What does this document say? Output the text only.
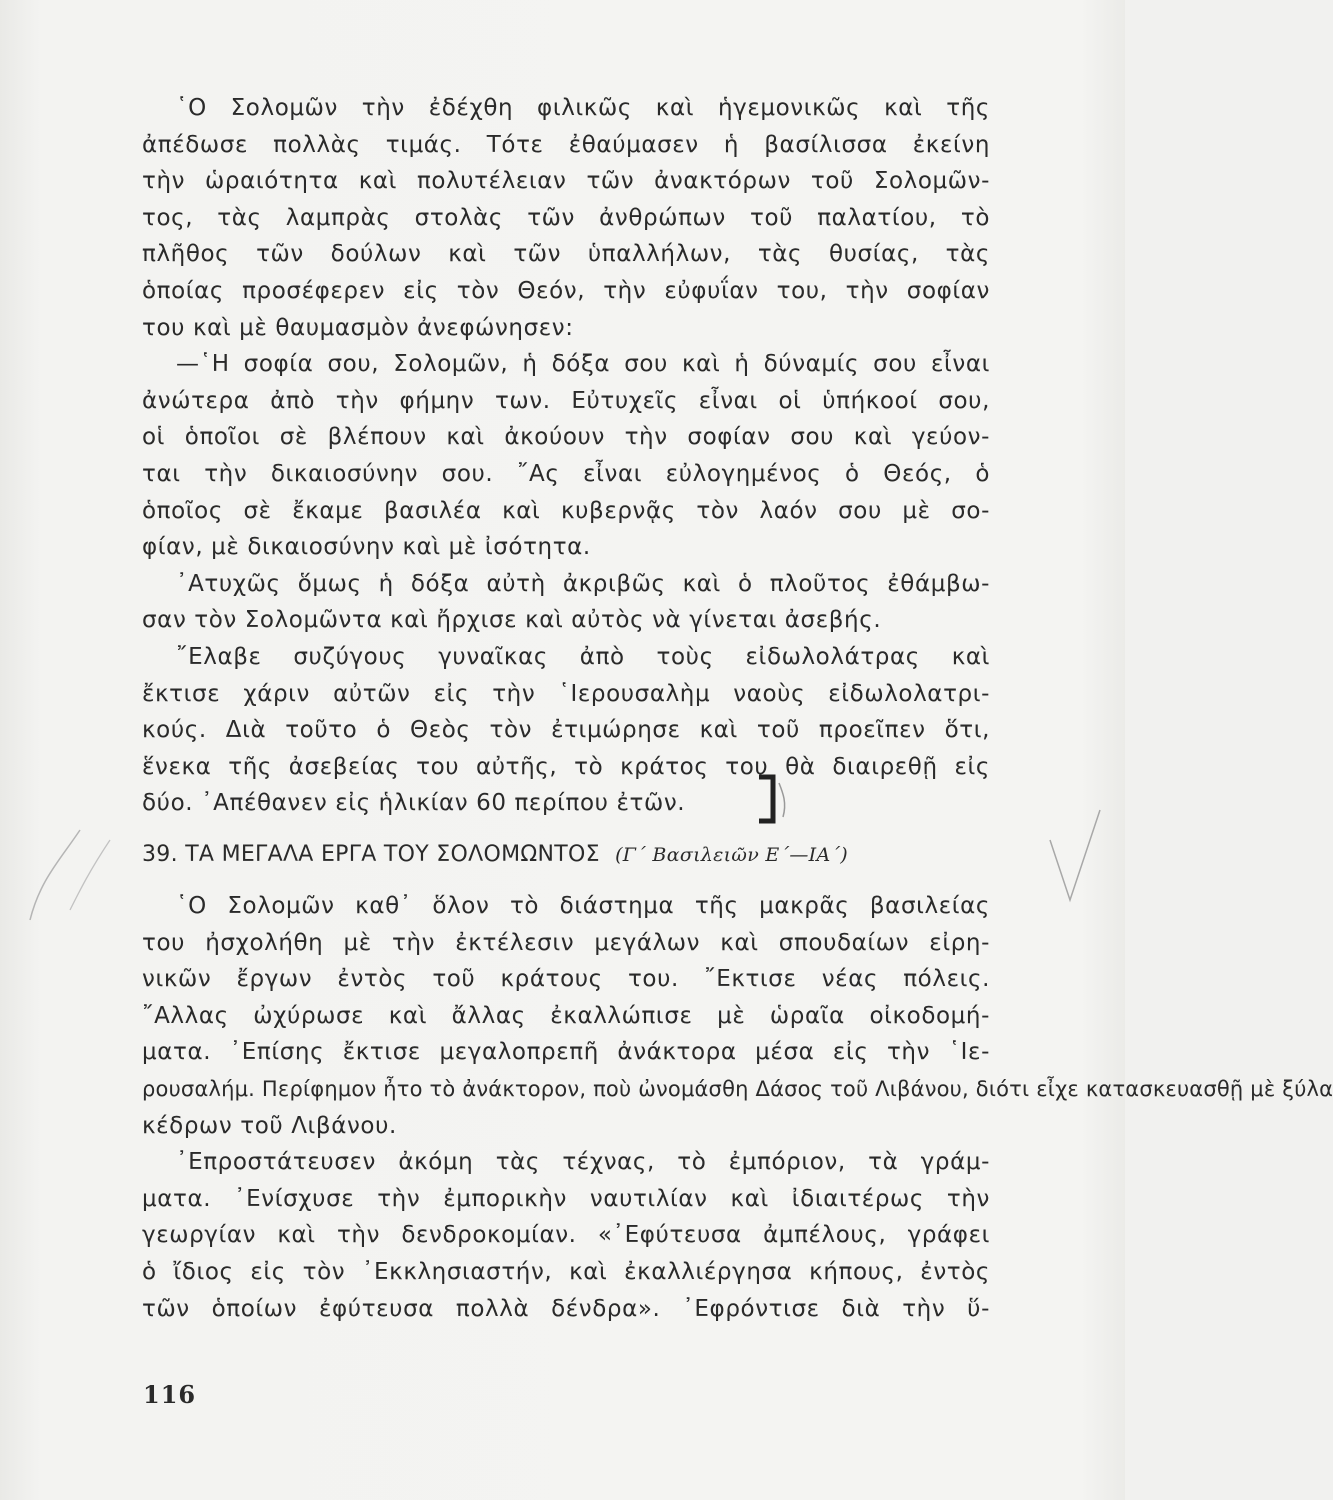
῾Ο Σολομῶν τὴν ἐδέχθη φιλικῶς καὶ ἡγεμονικῶς καὶ τῆς
ἀπέδωσε πολλὰς τιμάς. Τότε ἐθαύμασεν ἡ βασίλισσα ἐκείνη
τὴν ὡραιότητα καὶ πολυτέλειαν τῶν ἀνακτόρων τοῦ Σολομῶν-
τος, τὰς λαμπρὰς στολὰς τῶν ἀνθρώπων τοῦ παλατίου, τὸ
πλῆθος τῶν δούλων καὶ τῶν ὑπαλλήλων, τὰς θυσίας, τὰς
ὁποίας προσέφερεν εἰς τὸν Θεόν, τὴν εὐφυΐαν του, τὴν σοφίαν
του καὶ μὲ θαυμασμὸν ἀνεφώνησεν:

—῾Η σοφία σου, Σολομῶν, ἡ δόξα σου καὶ ἡ δύναμίς σου εἶναι
ἀνώτερα ἀπὸ τὴν φήμην των. Εὐτυχεῖς εἶναι οἱ ὑπήκοοί σου,
οἱ ὁποῖοι σὲ βλέπουν καὶ ἀκούουν τὴν σοφίαν σου καὶ γεύον-
ται τὴν δικαιοσύνην σου. ῎Ας εἶναι εὐλογημένος ὁ Θεός, ὁ
ὁποῖος σὲ ἔκαμε βασιλέα καὶ κυβερνᾷς τὸν λαόν σου μὲ σο-
φίαν, μὲ δικαιοσύνην καὶ μὲ ἰσότητα.

᾿Ατυχῶς ὅμως ἡ δόξα αὐτὴ ἀκριβῶς καὶ ὁ πλοῦτος ἐθάμβω-
σαν τὸν Σολομῶντα καὶ ἤρχισε καὶ αὐτὸς νὰ γίνεται ἀσεβής.

῎Ελαβε συζύγους γυναῖκας ἀπὸ τοὺς εἰδωλολάτρας καὶ
ἔκτισε χάριν αὐτῶν εἰς τὴν ῾Ιερουσαλὴμ ναοὺς εἰδωλολατρι-
κούς. Διὰ τοῦτο ὁ Θεὸς τὸν ἐτιμώρησε καὶ τοῦ προεῖπεν ὅτι,
ἕνεκα τῆς ἀσεβείας του αὐτῆς, τὸ κράτος του θὰ διαιρεθῇ εἰς
δύο. ᾿Απέθανεν εἰς ἡλικίαν 60 περίπου ἐτῶν.

39. ΤΑ ΜΕΓΑΛΑ ΕΡΓΑ ΤΟΥ ΣΟΛΟΜΩΝΤΟΣ (Γ΄ Βασιλειῶν Ε΄—ΙΑ΄)

῾Ο Σολομῶν καθ᾿ ὅλον τὸ διάστημα τῆς μακρᾶς βασιλείας
του ἠσχολήθη μὲ τὴν ἐκτέλεσιν μεγάλων καὶ σπουδαίων εἰρη-
νικῶν ἔργων ἐντὸς τοῦ κράτους του. ῎Εκτισε νέας πόλεις.
῎Αλλας ὠχύρωσε καὶ ἄλλας ἐκαλλώπισε μὲ ὡραῖα οἰκοδομή-
ματα. ᾿Επίσης ἔκτισε μεγαλοπρεπῆ ἀνάκτορα μέσα εἰς τὴν ῾Ιε-
ρουσαλήμ. Περίφημον ἦτο τὸ ἀνάκτορον, ποὺ ὠνομάσθη Δάσος τοῦ Λιβάνου, διότι εἶχε κατασκευασθῇ μὲ ξύλα
κέδρων τοῦ Λιβάνου.

᾿Επροστάτευσεν ἀκόμη τὰς τέχνας, τὸ ἐμπόριον, τὰ γράμ-
ματα. ᾿Ενίσχυσε τὴν ἐμπορικὴν ναυτιλίαν καὶ ἰδιαιτέρως τὴν
γεωργίαν καὶ τὴν δενδροκομίαν. «᾿Εφύτευσα ἀμπέλους, γράφει
ὁ ἴδιος εἰς τὸν ᾿Εκκλησιαστήν, καὶ ἐκαλλιέργησα κήπους, ἐντὸς
τῶν ὁποίων ἐφύτευσα πολλὰ δένδρα». ᾿Εφρόντισε διὰ τὴν ὕ-

116
